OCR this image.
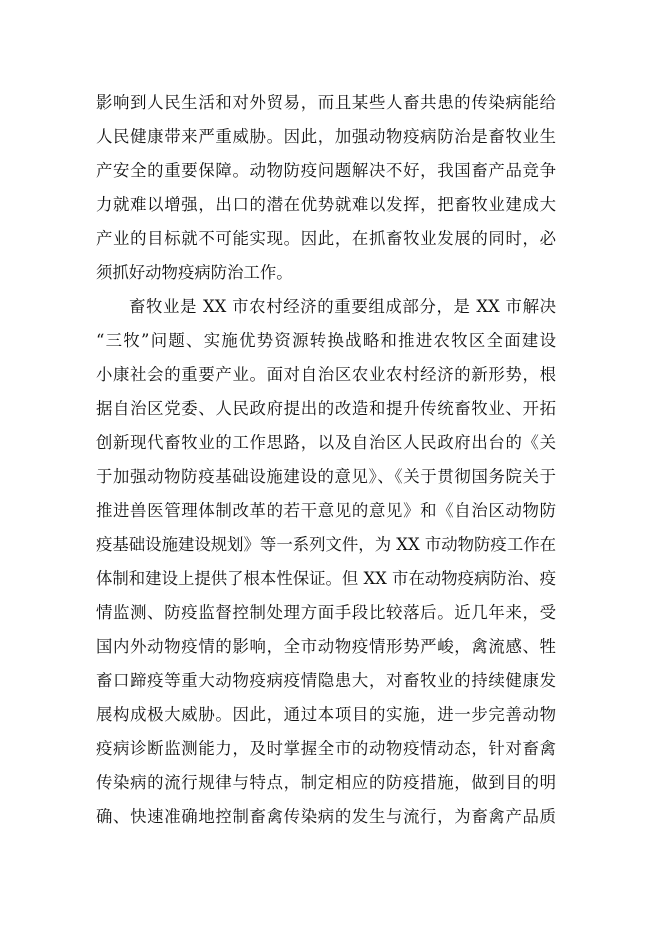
影响到人民生活和对外贸易，而且某些人畜共患的传染病能给
人民健康带来严重威胁。因此，加强动物疫病防治是畜牧业生
产安全的重要保障。动物防疫问题解决不好，我国畜产品竞争
力就难以增强，出口的潜在优势就难以发挥，把畜牧业建成大
产业的目标就不可能实现。因此，在抓畜牧业发展的同时，必
须抓好动物疫病防治工作。
畜牧业是 XX 市农村经济的重要组成部分，是 XX 市解决
“三牧”问题、实施优势资源转换战略和推进农牧区全面建设
小康社会的重要产业。面对自治区农业农村经济的新形势，根
据自治区党委、人民政府提出的改造和提升传统畜牧业、开拓
创新现代畜牧业的工作思路，以及自治区人民政府出台的《关
于加强动物防疫基础设施建设的意见》、《关于贯彻国务院关于
推进兽医管理体制改革的若干意见的意见》和《自治区动物防
疫基础设施建设规划》等一系列文件，为 XX 市动物防疫工作在
体制和建设上提供了根本性保证。但 XX 市在动物疫病防治、疫
情监测、防疫监督控制处理方面手段比较落后。近几年来，受
国内外动物疫情的影响，全市动物疫情形势严峻，禽流感、牲
畜口蹄疫等重大动物疫病疫情隐患大，对畜牧业的持续健康发
展构成极大威胁。因此，通过本项目的实施，进一步完善动物
疫病诊断监测能力，及时掌握全市的动物疫情动态，针对畜禽
传染病的流行规律与特点，制定相应的防疫措施，做到目的明
确、快速准确地控制畜禽传染病的发生与流行，为畜禽产品质
